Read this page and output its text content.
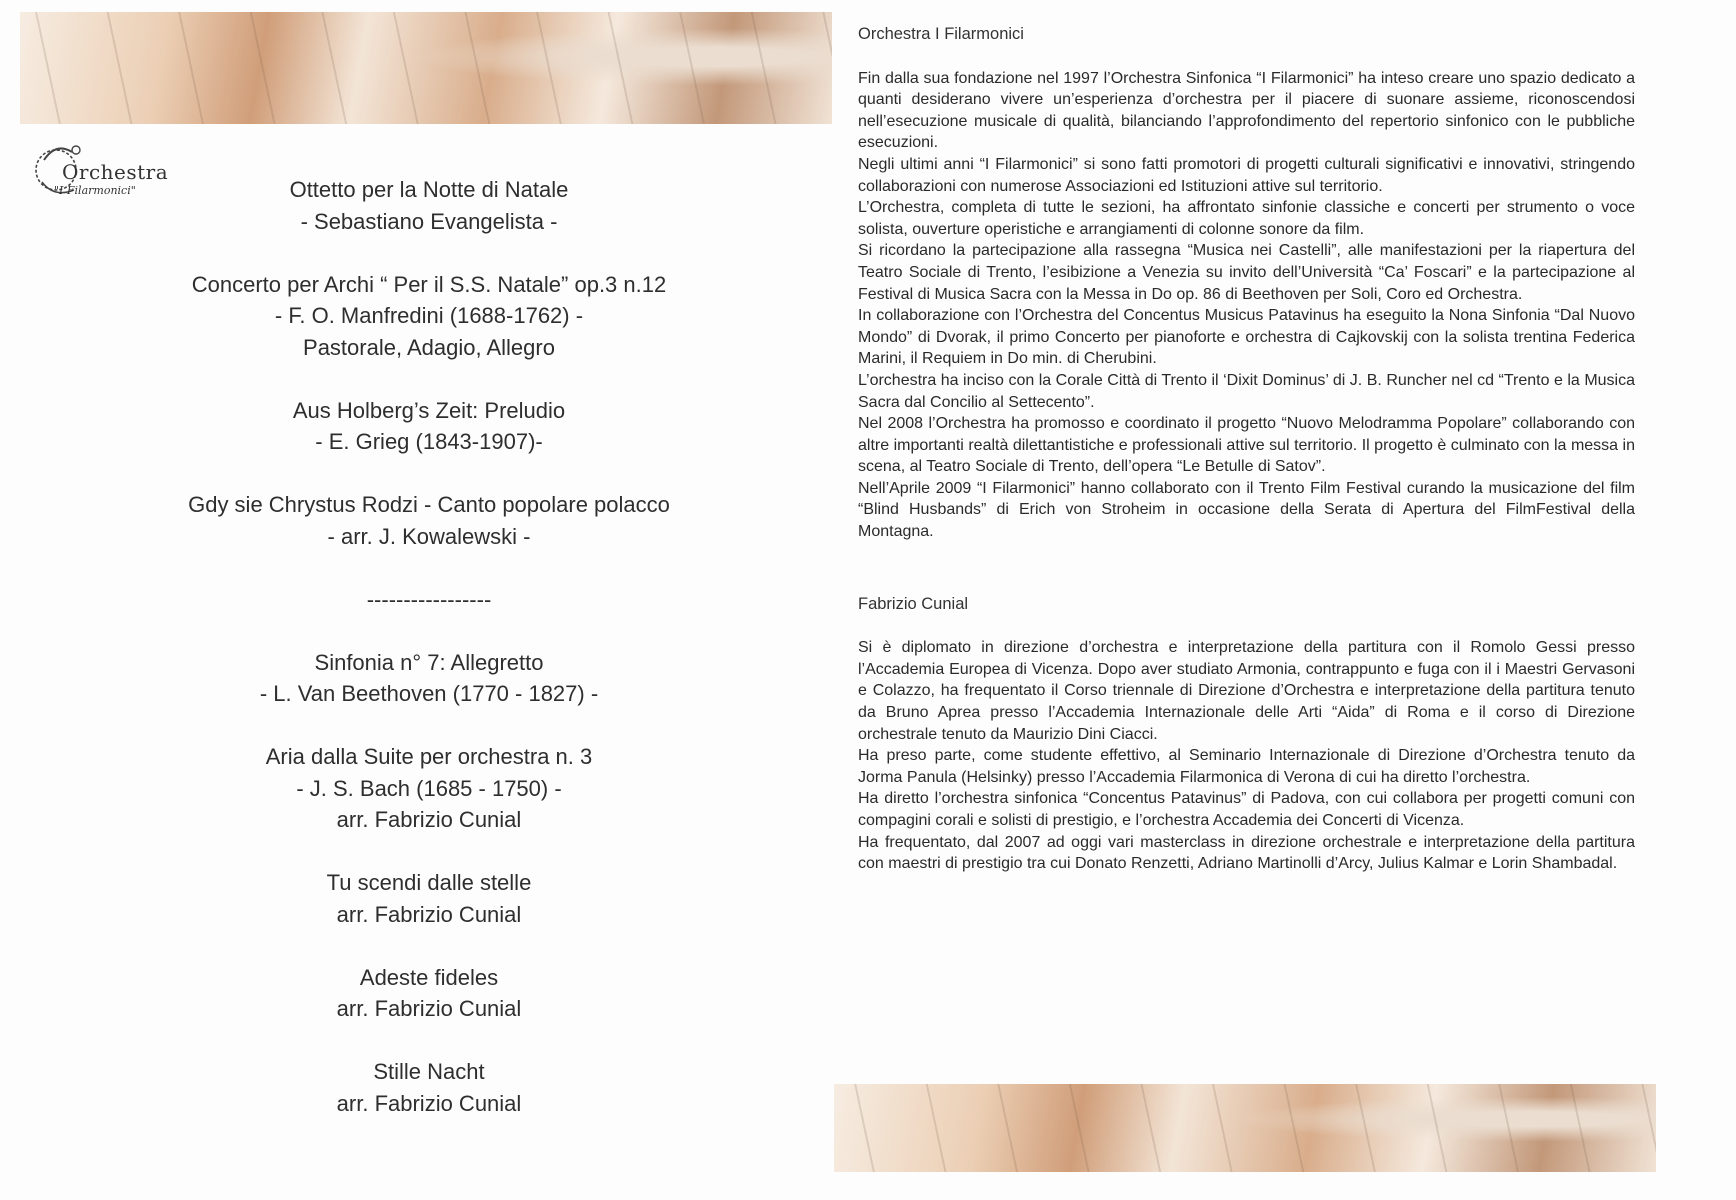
Orchestra
"I Filarmonici"	Ottetto per la Notte di Natale
- Sebastiano Evangelista -
Concerto per Archi “ Per il S.S. Natale” op.3 n.12
- F. O. Manfredini (1688-1762) -
Pastorale, Adagio, Allegro
Aus Holberg’s Zeit: Preludio
- E. Grieg (1843-1907)-
Gdy sie Chrystus Rodzi - Canto popolare polacco
- arr. J. Kowalewski -
-----------------
Sinfonia n° 7: Allegretto
- L. Van Beethoven (1770 - 1827) -
Aria dalla Suite per orchestra n. 3
- J. S. Bach (1685 - 1750) -
arr. Fabrizio Cunial
Tu scendi dalle stelle
arr. Fabrizio Cunial
Adeste fideles
arr. Fabrizio Cunial
Stille Nacht
arr. Fabrizio Cunial
Orchestra I Filarmonici

Fin dalla sua fondazione nel 1997 l’Orchestra Sinfonica “I Filarmonici” ha inteso creare uno spazio dedicato a quanti desiderano vivere un’esperienza d’orchestra per il piacere di suonare assieme, riconoscendosi nell’esecuzione musicale di qualità, bilanciando l’approfondimento del repertorio sinfonico con le pubbliche esecuzioni.

Negli ultimi anni “I Filarmonici” si sono fatti promotori di progetti culturali significativi e innovativi, stringendo collaborazioni con numerose Associazioni ed Istituzioni attive sul territorio.

L’Orchestra, completa di tutte le sezioni, ha affrontato sinfonie classiche e concerti per strumento o voce solista, ouverture operistiche e arrangiamenti di colonne sonore da film.

Si ricordano la partecipazione alla rassegna “Musica nei Castelli”, alle manifestazioni per la riapertura del Teatro Sociale di Trento, l’esibizione a Venezia su invito dell’Università “Ca’ Foscari” e la partecipazione al Festival di Musica Sacra con la Messa in Do op. 86 di Beethoven per Soli, Coro ed Orchestra.

In collaborazione con l’Orchestra del Concentus Musicus Patavinus ha eseguito la Nona Sinfonia “Dal Nuovo Mondo” di Dvorak, il primo Concerto per pianoforte e orchestra di Cajkovskij con la solista trentina Federica Marini, il Requiem in Do min. di Cherubini.

L’orchestra ha inciso con la Corale Città di Trento il ‘Dixit Dominus’ di J. B. Runcher nel cd “Trento e la Musica Sacra dal Concilio al Settecento”.

Nel 2008 l’Orchestra ha promosso e coordinato il progetto “Nuovo Melodramma Popolare” collaborando con altre importanti realtà dilettantistiche e professionali attive sul territorio. Il progetto è culminato con la messa in scena, al Teatro Sociale di Trento, dell’opera “Le Betulle di Satov”.

Nell’Aprile 2009 “I Filarmonici” hanno collaborato con il Trento Film Festival curando la musicazione del film “Blind Husbands” di Erich von Stroheim in occasione della Serata di Apertura del FilmFestival della Montagna.

Fabrizio Cunial

Si è diplomato in direzione d’orchestra e interpretazione della partitura con il Romolo Gessi presso l’Accademia Europea di Vicenza. Dopo aver studiato Armonia, contrappunto e fuga con il i Maestri Gervasoni e Colazzo, ha frequentato il Corso triennale di Direzione d’Orchestra e interpretazione della partitura tenuto da Bruno Aprea presso l’Accademia Internazionale delle Arti “Aida” di Roma e il corso di Direzione orchestrale tenuto da Maurizio Dini Ciacci.

Ha preso parte, come studente effettivo, al Seminario Internazionale di Direzione d’Orchestra tenuto da Jorma Panula (Helsinky) presso l’Accademia Filarmonica di Verona di cui ha diretto l’orchestra.

Ha diretto l’orchestra sinfonica “Concentus Patavinus” di Padova, con cui collabora per progetti comuni con compagini corali e solisti di prestigio, e l’orchestra Accademia dei Concerti di Vicenza.

Ha frequentato, dal 2007 ad oggi vari masterclass in direzione orchestrale e interpretazione della partitura con maestri di prestigio tra cui Donato Renzetti, Adriano Martinolli d’Arcy, Julius Kalmar e Lorin Shambadal.
